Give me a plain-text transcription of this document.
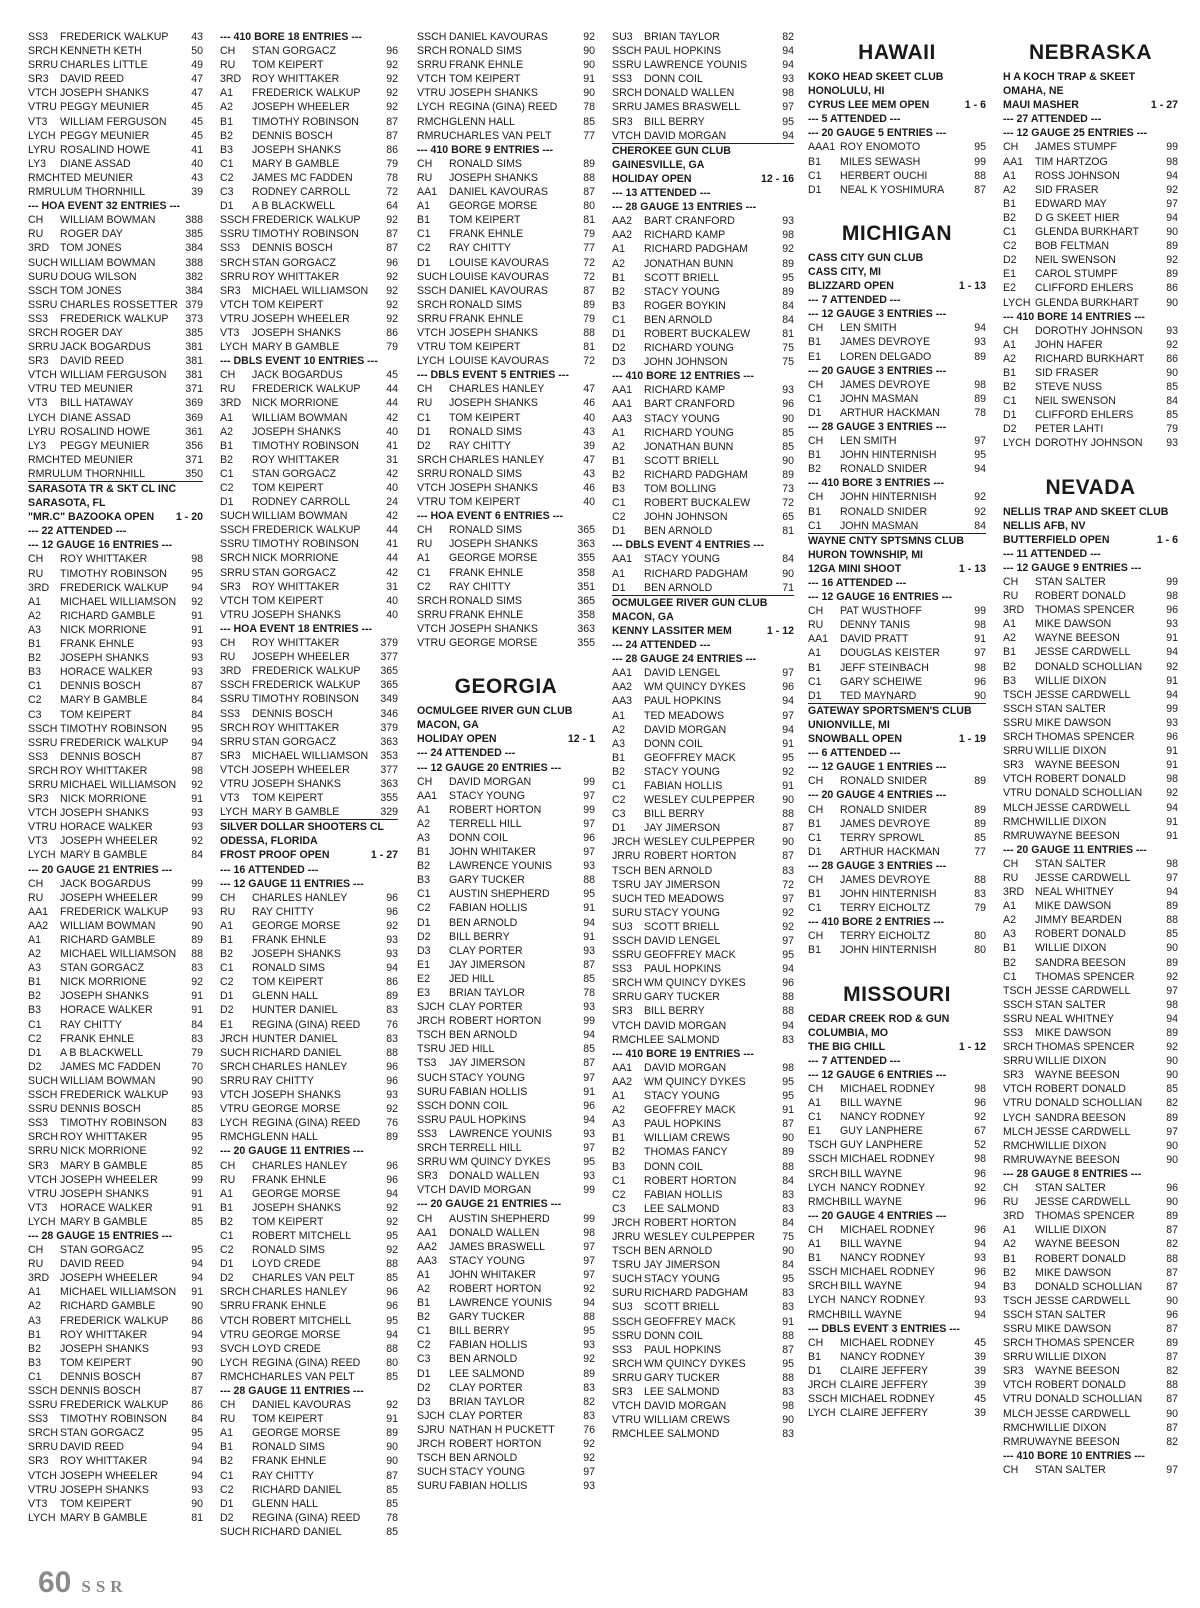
SS3	FREDERICK WALKUP	43
SRCH KENNETH KETH	50
SRRU CHARLES LITTLE	49
SR3	DAVID REED	47
VTCH JOSEPH SHANKS	47
VTRU PEGGY MEUNIER	45
VT3	WILLIAM FERGUSON	45
LYCH PEGGY MEUNIER	45
LYRU ROSALIND HOWE	41
LY3	DIANE ASSAD	40
RMCH TED MEUNIER	43
RMRU LUM THORNHILL	39
--- HOA EVENT 32 ENTRIES ---
CH	WILLIAM BOWMAN	388
RU	ROGER DAY	385
3RD	TOM JONES	384
SUCH WILLIAM BOWMAN	388
SURU DOUG WILSON	382
SSCH TOM JONES	384
SSRU CHARLES ROSSETTER 379
SS3	FREDERICK WALKUP	373
SRCH ROGER DAY	385
SRRU JACK BOGARDUS	381
SR3	DAVID REED	381
VTCH WILLIAM FERGUSON	381
VTRU TED MEUNIER	371
VT3	BILL HATAWAY	369
LYCH DIANE ASSAD	369
LYRU ROSALIND HOWE	361
LY3	PEGGY MEUNIER	356
RMCH TED MEUNIER	371
RMRU LUM THORNHILL	350
SARASOTA TR & SKT CL INC
SARASOTA, FL
"MR.C" BAZOOKA OPEN	1 - 20
--- 22 ATTENDED ---
--- 12 GAUGE 16 ENTRIES ---
CH	ROY WHITTAKER	98
RU	TIMOTHY ROBINSON	95
3RD	FREDERICK WALKUP	94
A1	MICHAEL WILLIAMSON	92
A2	RICHARD GAMBLE	91
A3	NICK MORRIONE	91
B1	FRANK EHNLE	93
B2	JOSEPH SHANKS	93
B3	HORACE WALKER	93
C1	DENNIS BOSCH	87
C2	MARY B GAMBLE	84
C3	TOM KEIPERT	84
SSCH TIMOTHY ROBINSON	95
SSRU FREDERICK WALKUP	94
SS3	DENNIS BOSCH	87
SRCH ROY WHITTAKER	98
SRRU MICHAEL WILLIAMSON	92
SR3	NICK MORRIONE	91
VTCH JOSEPH SHANKS	93
VTRU HORACE WALKER	93
VT3	JOSEPH WHEELER	92
LYCH MARY B GAMBLE	84
--- 20 GAUGE 21 ENTRIES ---
CH	JACK BOGARDUS	99
RU	JOSEPH WHEELER	99
AA1	FREDERICK WALKUP	93
AA2	WILLIAM BOWMAN	90
A1	RICHARD GAMBLE	89
A2	MICHAEL WILLIAMSON	88
A3	STAN GORGACZ	83
B1	NICK MORRIONE	92
B2	JOSEPH SHANKS	91
B3	HORACE WALKER	91
C1	RAY CHITTY	84
C2	FRANK EHNLE	83
D1	A B BLACKWELL	79
D2	JAMES MC FADDEN	70
SUCH WILLIAM BOWMAN	90
SSCH FREDERICK WALKUP	93
SSRU DENNIS BOSCH	85
SS3	TIMOTHY ROBINSON	83
SRCH ROY WHITTAKER	95
SRRU NICK MORRIONE	92
SR3	MARY B GAMBLE	85
VTCH JOSEPH WHEELER	99
VTRU JOSEPH SHANKS	91
VT3	HORACE WALKER	91
LYCH MARY B GAMBLE	85
--- 28 GAUGE 15 ENTRIES ---
CH	STAN GORGACZ	95
RU	DAVID REED	94
3RD	JOSEPH WHEELER	94
A1	MICHAEL WILLIAMSON	91
A2	RICHARD GAMBLE	90
A3	FREDERICK WALKUP	86
B1	ROY WHITTAKER	94
B2	JOSEPH SHANKS	93
B3	TOM KEIPERT	90
C1	DENNIS BOSCH	87
SSCH DENNIS BOSCH	87
SSRU FREDERICK WALKUP	86
SS3	TIMOTHY ROBINSON	84
SRCH STAN GORGACZ	95
SRRU DAVID REED	94
SR3	ROY WHITTAKER	94
VTCH JOSEPH WHEELER	94
VTRU JOSEPH SHANKS	93
VT3	TOM KEIPERT	90
LYCH MARY B GAMBLE	81
--- 410 BORE 18 ENTRIES ---
CH	STAN GORGACZ	96
RU	TOM KEIPERT	92
3RD	ROY WHITTAKER	92
A1	FREDERICK WALKUP	92
A2	JOSEPH WHEELER	92
B1	TIMOTHY ROBINSON	87
B2	DENNIS BOSCH	87
B3	JOSEPH SHANKS	86
C1	MARY B GAMBLE	79
C2	JAMES MC FADDEN	78
C3	RODNEY CARROLL	72
D1	A B BLACKWELL	64
SSCH FREDERICK WALKUP	92
SSRU TIMOTHY ROBINSON	87
SS3	DENNIS BOSCH	87
SRCH STAN GORGACZ	96
SRRU ROY WHITTAKER	92
SR3	MICHAEL WILLIAMSON	92
VTCH TOM KEIPERT	92
VTRU JOSEPH WHEELER	92
VT3	JOSEPH SHANKS	86
LYCH MARY B GAMBLE	79
--- DBLS EVENT 10 ENTRIES ---
CH	JACK BOGARDUS	45
RU	FREDERICK WALKUP	44
3RD	NICK MORRIONE	44
A1	WILLIAM BOWMAN	42
A2	JOSEPH SHANKS	40
B1	TIMOTHY ROBINSON	41
B2	ROY WHITTAKER	31
C1	STAN GORGACZ	42
C2	TOM KEIPERT	40
D1	RODNEY CARROLL	24
SUCH WILLIAM BOWMAN	42
SSCH FREDERICK WALKUP	44
SSRU TIMOTHY ROBINSON	41
SRCH NICK MORRIONE	44
SRRU STAN GORGACZ	42
SR3	ROY WHITTAKER	31
VTCH TOM KEIPERT	40
VTRU JOSEPH SHANKS	40
--- HOA EVENT 18 ENTRIES ---
CH	ROY WHITTAKER	379
RU	JOSEPH WHEELER	377
3RD	FREDERICK WALKUP	365
SSCH FREDERICK WALKUP	365
SSRU TIMOTHY ROBINSON	349
SS3	DENNIS BOSCH	346
SRCH ROY WHITTAKER	379
SRRU STAN GORGACZ	363
SR3	MICHAEL WILLIAMSON	353
VTCH JOSEPH WHEELER	377
VTRU JOSEPH SHANKS	363
VT3	TOM KEIPERT	355
LYCH MARY B GAMBLE	329
SILVER DOLLAR SHOOTERS CL
ODESSA, FLORIDA
FROST PROOF OPEN	1 - 27
--- 16 ATTENDED ---
--- 12 GAUGE 11 ENTRIES ---
CH	CHARLES HANLEY	96
RU	RAY CHITTY	96
A1	GEORGE MORSE	92
B1	FRANK EHNLE	93
B2	JOSEPH SHANKS	93
C1	RONALD SIMS	94
C2	TOM KEIPERT	86
D1	GLENN HALL	89
D2	HUNTER DANIEL	83
E1	REGINA (GINA) REED	76
JRCH HUNTER DANIEL	83
SUCH RICHARD DANIEL	88
SRCH CHARLES HANLEY	96
SRRU RAY CHITTY	96
VTCH JOSEPH SHANKS	93
VTRU GEORGE MORSE	92
LYCH REGINA (GINA) REED	76
RMCH GLENN HALL	89
--- 20 GAUGE 11 ENTRIES ---
CH	CHARLES HANLEY	96
RU	FRANK EHNLE	96
A1	GEORGE MORSE	94
B1	JOSEPH SHANKS	92
B2	TOM KEIPERT	92
C1	ROBERT MITCHELL	95
C2	RONALD SIMS	92
D1	LOYD CREDE	88
D2	CHARLES VAN PELT	85
SRCH CHARLES HANLEY	96
SRRU FRANK EHNLE	96
VTCH ROBERT MITCHELL	95
VTRU GEORGE MORSE	94
SVCH LOYD CREDE	88
LYCH REGINA (GINA) REED	80
RMCH CHARLES VAN PELT	85
--- 28 GAUGE 11 ENTRIES ---
CH	DANIEL KAVOURAS	92
RU	TOM KEIPERT	91
A1	GEORGE MORSE	89
B1	RONALD SIMS	90
B2	FRANK EHNLE	90
C1	RAY CHITTY	87
C2	RICHARD DANIEL	85
D1	GLENN HALL	85
D2	REGINA (GINA) REED	78
SUCH RICHARD DANIEL	85
SSCH DANIEL KAVOURAS	92
SRCH RONALD SIMS	90
SRRU FRANK EHNLE	90
VTCH TOM KEIPERT	91
VTRU JOSEPH SHANKS	90
LYCH REGINA (GINA) REED	78
RMCH GLENN HALL	85
RMRU CHARLES VAN PELT	77
--- 410 BORE 9 ENTRIES ---
CH	RONALD SIMS	89
RU	JOSEPH SHANKS	88
AA1	DANIEL KAVOURAS	87
A1	GEORGE MORSE	80
B1	TOM KEIPERT	81
C1	FRANK EHNLE	79
C2	RAY CHITTY	77
D1	LOUISE KAVOURAS	72
SUCH LOUISE KAVOURAS	72
SSCH DANIEL KAVOURAS	87
SRCH RONALD SIMS	89
SRRU FRANK EHNLE	79
VTCH JOSEPH SHANKS	88
VTRU TOM KEIPERT	81
LYCH LOUISE KAVOURAS	72
--- DBLS EVENT 5 ENTRIES ---
CH	CHARLES HANLEY	47
RU	JOSEPH SHANKS	46
C1	TOM KEIPERT	40
D1	RONALD SIMS	43
D2	RAY CHITTY	39
SRCH CHARLES HANLEY	47
SRRU RONALD SIMS	43
VTCH JOSEPH SHANKS	46
VTRU TOM KEIPERT	40
--- HOA EVENT 6 ENTRIES ---
CH	RONALD SIMS	365
RU	JOSEPH SHANKS	363
A1	GEORGE MORSE	355
C1	FRANK EHNLE	358
C2	RAY CHITTY	351
SRCH RONALD SIMS	365
SRRU FRANK EHNLE	358
VTCH JOSEPH SHANKS	363
VTRU GEORGE MORSE	355
GEORGIA
OCMULGEE RIVER GUN CLUB
MACON, GA
HOLIDAY OPEN	12 - 1
--- 24 ATTENDED ---
--- 12 GAUGE 20 ENTRIES ---
CH	DAVID MORGAN	99
AA1	STACY YOUNG	97
A1	ROBERT HORTON	99
A2	TERRELL HILL	97
A3	DONN COIL	96
B1	JOHN WHITAKER	97
B2	LAWRENCE YOUNIS	93
B3	GARY TUCKER	88
C1	AUSTIN SHEPHERD	95
C2	FABIAN HOLLIS	91
D1	BEN ARNOLD	94
D2	BILL BERRY	91
D3	CLAY PORTER	93
E1	JAY JIMERSON	87
E2	JED HILL	85
E3	BRIAN TAYLOR	78
SJCH CLAY PORTER	93
JRCH ROBERT HORTON	99
TSCH BEN ARNOLD	94
TSRU JED HILL	85
TS3	JAY JIMERSON	87
SUCH STACY YOUNG	97
SURU FABIAN HOLLIS	91
SSCH DONN COIL	96
SSRU PAUL HOPKINS	94
SS3	LAWRENCE YOUNIS	93
SRCH TERRELL HILL	97
SRRU WM QUINCY DYKES	95
SR3	DONALD WALLEN	93
VTCH DAVID MORGAN	99
--- 20 GAUGE 21 ENTRIES ---
CH	AUSTIN SHEPHERD	99
AA1	DONALD WALLEN	98
AA2	JAMES BRASWELL	97
AA3	STACY YOUNG	97
A1	JOHN WHITAKER	97
A2	ROBERT HORTON	92
B1	LAWRENCE YOUNIS	94
B2	GARY TUCKER	88
C1	BILL BERRY	95
C2	FABIAN HOLLIS	93
C3	BEN ARNOLD	92
D1	LEE SALMOND	89
D2	CLAY PORTER	83
D3	BRIAN TAYLOR	82
SJCH CLAY PORTER	83
SJRU NATHAN H PUCKETT	76
JRCH ROBERT HORTON	92
TSCH BEN ARNOLD	92
SUCH STACY YOUNG	97
SURU FABIAN HOLLIS	93
SU3	BRIAN TAYLOR	82
SSCH PAUL HOPKINS	94
SSRU LAWRENCE YOUNIS	94
SS3	DONN COIL	93
SRCH DONALD WALLEN	98
SRRU JAMES BRASWELL	97
SR3	BILL BERRY	95
VTCH DAVID MORGAN	94
CHEROKEE GUN CLUB
GAINESVILLE, GA
HOLIDAY OPEN	12 - 16
--- 13 ATTENDED ---
--- 28 GAUGE 13 ENTRIES ---
AA2	BART CRANFORD	93
AA2	RICHARD KAMP	98
A1	RICHARD PADGHAM	92
A2	JONATHAN BUNN	89
B1	SCOTT BRIELL	95
B2	STACY YOUNG	89
B3	ROGER BOYKIN	84
C1	BEN ARNOLD	84
D1	ROBERT BUCKALEW	81
D2	RICHARD YOUNG	75
D3	JOHN JOHNSON	75
--- 410 BORE 12 ENTRIES ---
AA1	RICHARD KAMP	93
AA1	BART CRANFORD	96
AA3	STACY YOUNG	90
A1	RICHARD YOUNG	85
A2	JONATHAN BUNN	85
B1	SCOTT BRIELL	90
B2	RICHARD PADGHAM	89
B3	TOM BOLLING	73
C1	ROBERT BUCKALEW	72
C2	JOHN JOHNSON	65
D1	BEN ARNOLD	81
--- DBLS EVENT 4 ENTRIES ---
AA1	STACY YOUNG	84
A1	RICHARD PADGHAM	90
D1	BEN ARNOLD	71
OCMULGEE RIVER GUN CLUB
MACON, GA
KENNY LASSITER MEM	1 - 12
--- 24 ATTENDED ---
--- 28 GAUGE 24 ENTRIES ---
AA1	DAVID LENGEL	97
AA2	WM QUINCY DYKES	96
AA3	PAUL HOPKINS	94
A1	TED MEADOWS	97
A2	DAVID MORGAN	94
A3	DONN COIL	91
B1	GEOFFREY MACK	95
B2	STACY YOUNG	92
C1	FABIAN HOLLIS	91
C2	WESLEY CULPEPPER	90
C3	BILL BERRY	88
D1	JAY JIMERSON	87
JRCH WESLEY CULPEPPER	90
JRRU ROBERT HORTON	87
TSCH BEN ARNOLD	83
TSRU JAY JIMERSON	72
SUCH TED MEADOWS	97
SURU STACY YOUNG	92
SU3	SCOTT BRIELL	92
SSCH DAVID LENGEL	97
SSRU GEOFFREY MACK	95
SS3	PAUL HOPKINS	94
SRCH WM QUINCY DYKES	96
SRRU GARY TUCKER	88
SR3	BILL BERRY	88
VTCH DAVID MORGAN	94
RMCH LEE SALMOND	83
--- 410 BORE 19 ENTRIES ---
AA1	DAVID MORGAN	98
AA2	WM QUINCY DYKES	95
A1	STACY YOUNG	95
A2	GEOFFREY MACK	91
A3	PAUL HOPKINS	87
B1	WILLIAM CREWS	90
B2	THOMAS FANCY	89
B3	DONN COIL	88
C1	ROBERT HORTON	84
C2	FABIAN HOLLIS	83
C3	LEE SALMOND	83
JRCH ROBERT HORTON	84
JRRU WESLEY CULPEPPER	75
TSCH BEN ARNOLD	90
TSRU JAY JIMERSON	84
SUCH STACY YOUNG	95
SURU RICHARD PADGHAM	83
SU3	SCOTT BRIELL	83
SSCH GEOFFREY MACK	91
SSRU DONN COIL	88
SS3	PAUL HOPKINS	87
SRCH WM QUINCY DYKES	95
SRRU GARY TUCKER	88
SR3	LEE SALMOND	83
VTCH DAVID MORGAN	98
VTRU WILLIAM CREWS	90
RMCH LEE SALMOND	83
HAWAII
KOKO HEAD SKEET CLUB
HONOLULU, HI
CYRUS LEE MEM OPEN	1 - 6
--- 5 ATTENDED ---
--- 20 GAUGE 5 ENTRIES ---
AAA1 ROY ENOMOTO	95
B1	MILES SEWASH	99
C1	HERBERT OUCHI	88
D1	NEAL K YOSHIMURA	87
MICHIGAN
CASS CITY GUN CLUB
CASS CITY, MI
BLIZZARD OPEN	1 - 13
--- 7 ATTENDED ---
--- 12 GAUGE 3 ENTRIES ---
CH	LEN SMITH	94
B1	JAMES DEVROYE	93
E1	LOREN DELGADO	89
--- 20 GAUGE 3 ENTRIES ---
CH	JAMES DEVROYE	98
C1	JOHN MASMAN	89
D1	ARTHUR HACKMAN	78
--- 28 GAUGE 3 ENTRIES ---
CH	LEN SMITH	97
B1	JOHN HINTERNISH	95
B2	RONALD SNIDER	94
--- 410 BORE 3 ENTRIES ---
CH	JOHN HINTERNISH	92
B1	RONALD SNIDER	92
C1	JOHN MASMAN	84
WAYNE CNTY SPTSMNS CLUB
HURON TOWNSHIP, MI
12GA MINI SHOOT	1 - 13
--- 16 ATTENDED ---
--- 12 GAUGE 16 ENTRIES ---
CH	PAT WUSTHOFF	99
RU	DENNY TANIS	98
AA1	DAVID PRATT	91
A1	DOUGLAS KEISTER	97
B1	JEFF STEINBACH	98
C1	GARY SCHEIWE	96
D1	TED MAYNARD	90
GATEWAY SPORTSMEN'S CLUB
UNIONVILLE, MI
SNOWBALL OPEN	1 - 19
--- 6 ATTENDED ---
--- 12 GAUGE 1 ENTRIES ---
CH	RONALD SNIDER	89
--- 20 GAUGE 4 ENTRIES ---
CH	RONALD SNIDER	89
B1	JAMES DEVROYE	89
C1	TERRY SPROWL	85
D1	ARTHUR HACKMAN	77
--- 28 GAUGE 3 ENTRIES ---
CH	JAMES DEVROYE	88
B1	JOHN HINTERNISH	83
C1	TERRY EICHOLTZ	79
--- 410 BORE 2 ENTRIES ---
CH	TERRY EICHOLTZ	80
B1	JOHN HINTERNISH	80
MISSOURI
CEDAR CREEK ROD & GUN
COLUMBIA, MO
THE BIG CHILL	1 - 12
--- 7 ATTENDED ---
--- 12 GAUGE 6 ENTRIES ---
CH	MICHAEL RODNEY	98
A1	BILL WAYNE	96
C1	NANCY RODNEY	92
E1	GUY LANPHERE	67
TSCH GUY LANPHERE	52
SSCH MICHAEL RODNEY	98
SRCH BILL WAYNE	96
LYCH NANCY RODNEY	92
RMCH BILL WAYNE	96
--- 20 GAUGE 4 ENTRIES ---
CH	MICHAEL RODNEY	96
A1	BILL WAYNE	94
B1	NANCY RODNEY	93
SSCH MICHAEL RODNEY	96
SRCH BILL WAYNE	94
LYCH NANCY RODNEY	93
RMCH BILL WAYNE	94
--- DBLS EVENT 3 ENTRIES ---
CH	MICHAEL RODNEY	45
B1	NANCY RODNEY	39
D1	CLAIRE JEFFERY	39
JRCH CLAIRE JEFFERY	39
SSCH MICHAEL RODNEY	45
LYCH CLAIRE JEFFERY	39
NEBRASKA
H A KOCH TRAP & SKEET
OMAHA, NE
MAUI MASHER	1 - 27
--- 27 ATTENDED ---
--- 12 GAUGE 25 ENTRIES ---
CH	JAMES STUMPF	99
AA1	TIM HARTZOG	98
A1	ROSS JOHNSON	94
A2	SID FRASER	92
B1	EDWARD MAY	97
B2	D G SKEET HIER	94
C1	GLENDA BURKHART	90
C2	BOB FELTMAN	89
D2	NEIL SWENSON	92
E1	CAROL STUMPF	89
E2	CLIFFORD EHLERS	86
LYCH GLENDA BURKHART	90
--- 410 BORE 14 ENTRIES ---
CH	DOROTHY JOHNSON	93
A1	JOHN HAFER	92
A2	RICHARD BURKHART	86
B1	SID FRASER	90
B2	STEVE NUSS	85
C1	NEIL SWENSON	84
D1	CLIFFORD EHLERS	85
D2	PETER LAHTI	79
LYCH DOROTHY JOHNSON	93
NEVADA
NELLIS TRAP AND SKEET CLUB
NELLIS AFB, NV
BUTTERFIELD OPEN	1 - 6
--- 11 ATTENDED ---
--- 12 GAUGE 9 ENTRIES ---
CH	STAN SALTER	99
RU	ROBERT DONALD	98
3RD	THOMAS SPENCER	96
A1	MIKE DAWSON	93
A2	WAYNE BEESON	91
B1	JESSE CARDWELL	94
B2	DONALD SCHOLLIAN	92
B3	WILLIE DIXON	91
TSCH JESSE CARDWELL	94
SSCH STAN SALTER	99
SSRU MIKE DAWSON	93
SRCH THOMAS SPENCER	96
SRRU WILLIE DIXON	91
SR3	WAYNE BEESON	91
VTCH ROBERT DONALD	98
VTRU DONALD SCHOLLIAN	92
MLCH JESSE CARDWELL	94
RMCH WILLIE DIXON	91
RMRU WAYNE BEESON	91
--- 20 GAUGE 11 ENTRIES ---
CH	STAN SALTER	98
RU	JESSE CARDWELL	97
3RD	NEAL WHITNEY	94
A1	MIKE DAWSON	89
A2	JIMMY BEARDEN	88
A3	ROBERT DONALD	85
B1	WILLIE DIXON	90
B2	SANDRA BEESON	89
C1	THOMAS SPENCER	92
TSCH JESSE CARDWELL	97
SSCH STAN SALTER	98
SSRU NEAL WHITNEY	94
SS3	MIKE DAWSON	89
SRCH THOMAS SPENCER	92
SRRU WILLIE DIXON	90
SR3	WAYNE BEESON	90
VTCH ROBERT DONALD	85
VTRU DONALD SCHOLLIAN	82
LYCH SANDRA BEESON	89
MLCH JESSE CARDWELL	97
RMCH WILLIE DIXON	90
RMRU WAYNE BEESON	90
--- 28 GAUGE 8 ENTRIES ---
CH	STAN SALTER	96
RU	JESSE CARDWELL	90
3RD	THOMAS SPENCER	89
A1	WILLIE DIXON	87
A2	WAYNE BEESON	82
B1	ROBERT DONALD	88
B2	MIKE DAWSON	87
B3	DONALD SCHOLLIAN	87
TSCH JESSE CARDWELL	90
SSCH STAN SALTER	96
SSRU MIKE DAWSON	87
SRCH THOMAS SPENCER	89
SRRU WILLIE DIXON	87
SR3	WAYNE BEESON	82
VTCH ROBERT DONALD	88
VTRU DONALD SCHOLLIAN	87
MLCH JESSE CARDWELL	90
RMCH WILLIE DIXON	87
RMRU WAYNE BEESON	82
--- 410 BORE 10 ENTRIES ---
CH	STAN SALTER	97
60 SSR
